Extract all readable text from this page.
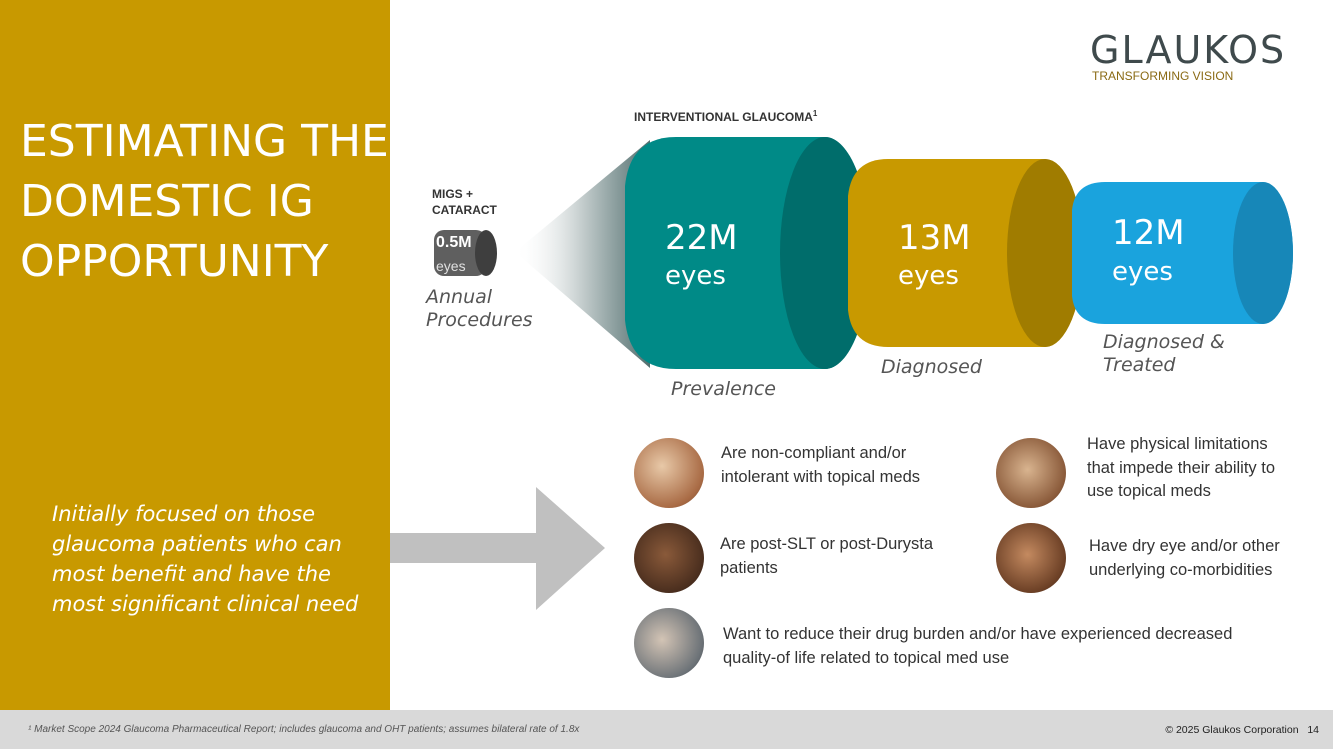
ESTIMATING THE
DOMESTIC IG
OPPORTUNITY
Initially focused on those
glaucoma patients who can
most benefit and have the
most significant clinical need
GLAUKOS
TRANSFORMING VISION
INTERVENTIONAL GLAUCOMA$^1$
MIGS +
CATARACT
0.5M
eyes
Annual
Procedures
22M
eyes
Prevalence
13M
eyes
Diagnosed
12M
eyes
Diagnosed &
Treated
Are non-compliant and/or
intolerant with topical meds
Have physical limitations
that impede their ability to
use topical meds
Are post-SLT or post-Durysta
patients
Have dry eye and/or other
underlying co-morbidities
Want to reduce their drug burden and/or have experienced decreased
quality-of life related to topical med use
¹ Market Scope 2024 Glaucoma Pharmaceutical Report; includes glaucoma and OHT patients; assumes bilateral rate of 1.8x	© 2025 Glaukos Corporation 14
